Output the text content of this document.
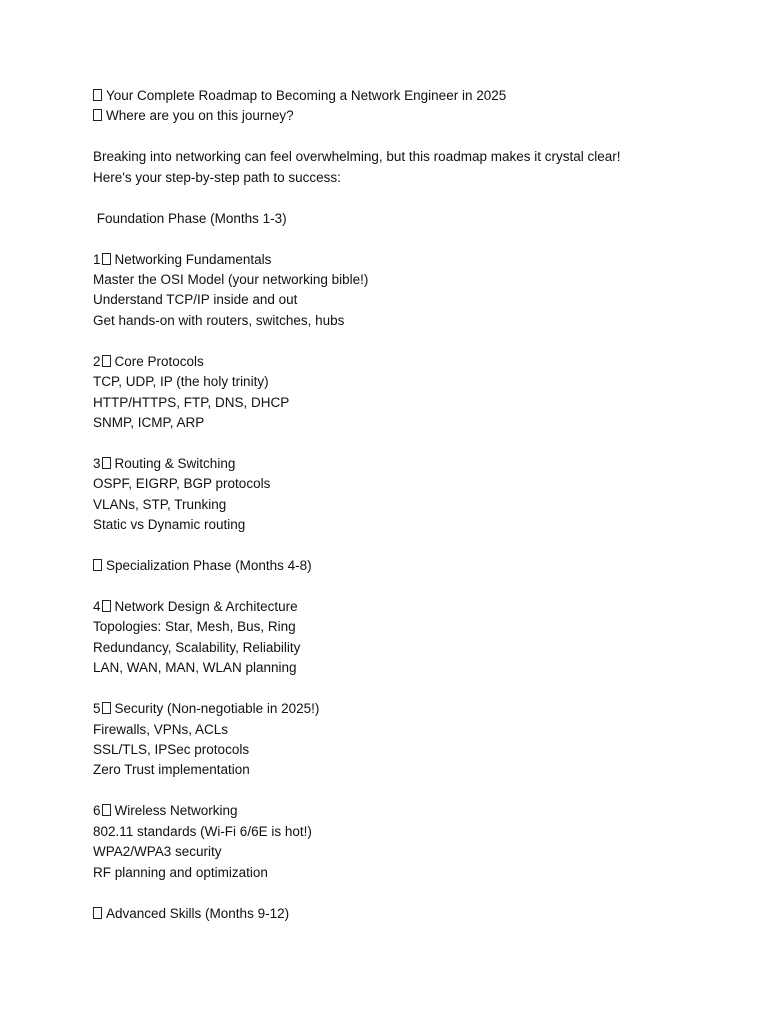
Your Complete Roadmap to Becoming a Network Engineer in 2025
Where are you on this journey?
Breaking into networking can feel overwhelming, but this roadmap makes it crystal clear!
Here's your step-by-step path to success:
Foundation Phase (Months 1-3)
1 Networking Fundamentals
Master the OSI Model (your networking bible!)
Understand TCP/IP inside and out
Get hands-on with routers, switches, hubs
2 Core Protocols
TCP, UDP, IP (the holy trinity)
HTTP/HTTPS, FTP, DNS, DHCP
SNMP, ICMP, ARP
3 Routing & Switching
OSPF, EIGRP, BGP protocols
VLANs, STP, Trunking
Static vs Dynamic routing
Specialization Phase (Months 4-8)
4 Network Design & Architecture
Topologies: Star, Mesh, Bus, Ring
Redundancy, Scalability, Reliability
LAN, WAN, MAN, WLAN planning
5 Security (Non-negotiable in 2025!)
Firewalls, VPNs, ACLs
SSL/TLS, IPSec protocols
Zero Trust implementation
6 Wireless Networking
802.11 standards (Wi-Fi 6/6E is hot!)
WPA2/WPA3 security
RF planning and optimization
Advanced Skills (Months 9-12)
